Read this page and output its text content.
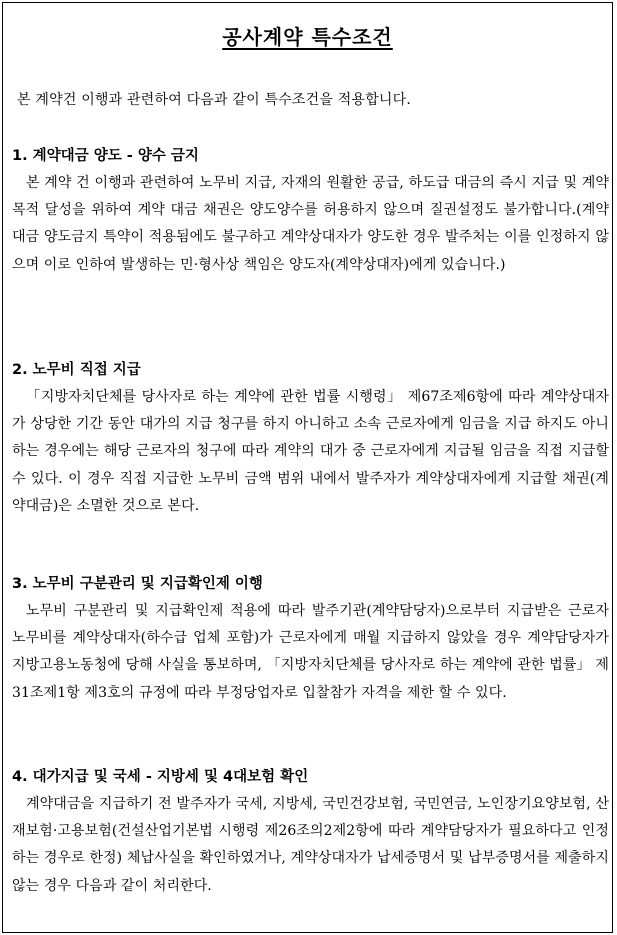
공사계약 특수조건
본 계약건 이행과 관련하여 다음과 같이 특수조건을 적용합니다.

1. 계약대금 양도 - 양수 금지

본 계약 건 이행과 관련하여 노무비 지급, 자재의 원활한 공급, 하도급 대금의 즉시 지급 및 계약목적 달성을 위하여 계약 대금 채권은 양도양수를 허용하지 않으며 질권설정도 불가합니다.(계약대금 양도금지 특약이 적용됨에도 불구하고 계약상대자가 양도한 경우 발주처는 이를 인정하지 않으며 이로 인하여 발생하는 민·형사상 책임은 양도자(계약상대자)에게 있습니다.)

2. 노무비 직접 지급

「지방자치단체를 당사자로 하는 계약에 관한 법률 시행령」 제67조제6항에 따라 계약상대자가 상당한 기간 동안 대가의 지급 청구를 하지 아니하고 소속 근로자에게 임금을 지급 하지도 아니하는 경우에는 해당 근로자의 청구에 따라 계약의 대가 중 근로자에게 지급될 임금을 직접 지급할 수 있다. 이 경우 직접 지급한 노무비 금액 범위 내에서 발주자가 계약상대자에게 지급할 채권(계약대금)은 소멸한 것으로 본다.

3. 노무비 구분관리 및 지급확인제 이행

노무비 구분관리 및 지급확인제 적용에 따라 발주기관(계약담당자)으로부터 지급받은 근로자 노무비를 계약상대자(하수급 업체 포함)가 근로자에게 매월 지급하지 않았을 경우 계약담당자가 지방고용노동청에 당해 사실을 통보하며, 「지방자치단체를 당사자로 하는 계약에 관한 법률」 제31조제1항 제3호의 규정에 따라 부정당업자로 입찰참가 자격을 제한 할 수 있다.

4. 대가지급 및 국세 - 지방세 및 4대보험 확인

계약대금을 지급하기 전 발주자가 국세, 지방세, 국민건강보험, 국민연금, 노인장기요양보험, 산재보험·고용보험(건설산업기본법 시행령 제26조의2제2항에 따라 계약담당자가 필요하다고 인정하는 경우로 한정) 체납사실을 확인하였거나, 계약상대자가 납세증명서 및 납부증명서를 제출하지 않는 경우 다음과 같이 처리한다.
